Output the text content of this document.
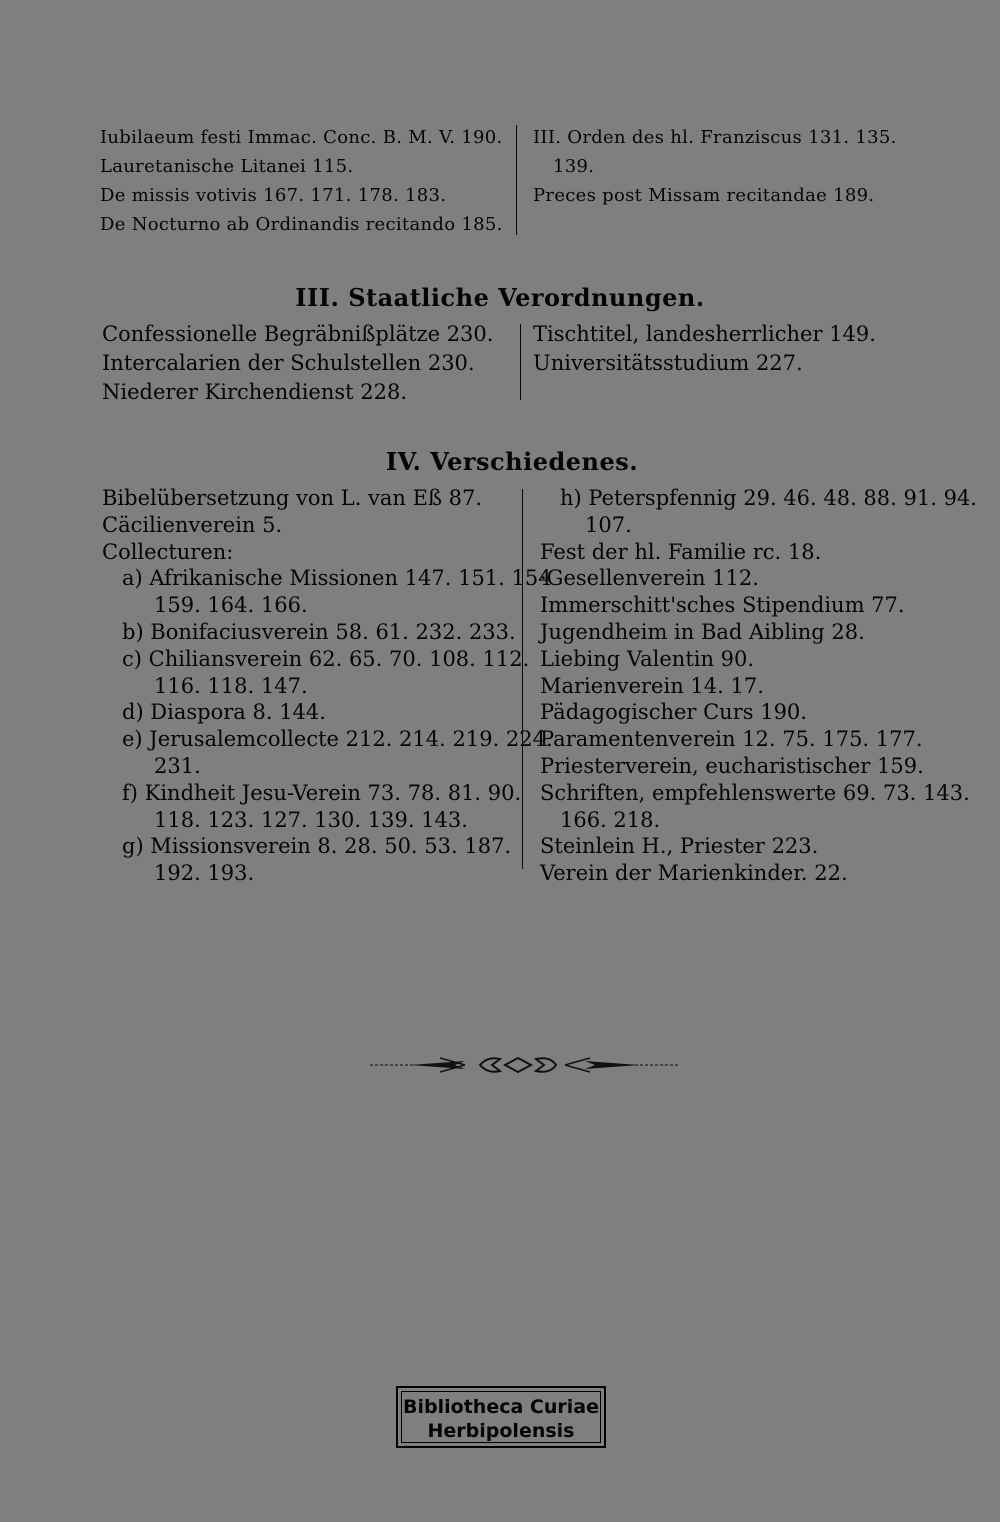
Iubilaeum festi Immac. Conc. B. M. V. 190.
Lauretanische Litanei 115.
De missis votivis 167. 171. 178. 183.
De Nocturno ab Ordinandis recitando 185.
III. Orden des hl. Franziscus 131. 135.
139.
Preces post Missam recitandae 189.
III. Staatliche Verordnungen.
Confessionelle Begräbnißplätze 230.
Intercalarien der Schulstellen 230.
Niederer Kirchendienst 228.
Tischtitel, landesherrlicher 149.
Universitätsstudium 227.
IV. Verschiedenes.
Bibelübersetzung von L. van Eß 87.
Cäcilienverein 5.
Collecturen:
a) Afrikanische Missionen 147. 151. 154
159. 164. 166.
b) Bonifaciusverein 58. 61. 232. 233.
c) Chiliansverein 62. 65. 70. 108. 112.
116. 118. 147.
d) Diaspora 8. 144.
e) Jerusalemcollecte 212. 214. 219. 224.
231.
f) Kindheit Jesu-Verein 73. 78. 81. 90.
118. 123. 127. 130. 139. 143.
g) Missionsverein 8. 28. 50. 53. 187.
192. 193.
h) Peterspfennig 29. 46. 48. 88. 91. 94.
107.
Fest der hl. Familie rc. 18.
·Gesellenverein 112.
Immerschitt'sches Stipendium 77.
Jugendheim in Bad Aibling 28.
Liebing Valentin 90.
Marienverein 14. 17.
Pädagogischer Curs 190.
Paramentenverein 12. 75. 175. 177.
Priesterverein, eucharistischer 159.
Schriften, empfehlenswerte 69. 73. 143.
166. 218.
Steinlein H., Priester 223.
Verein der Marienkinder. 22.
Bibliotheca Curiae
Herbipolensis
